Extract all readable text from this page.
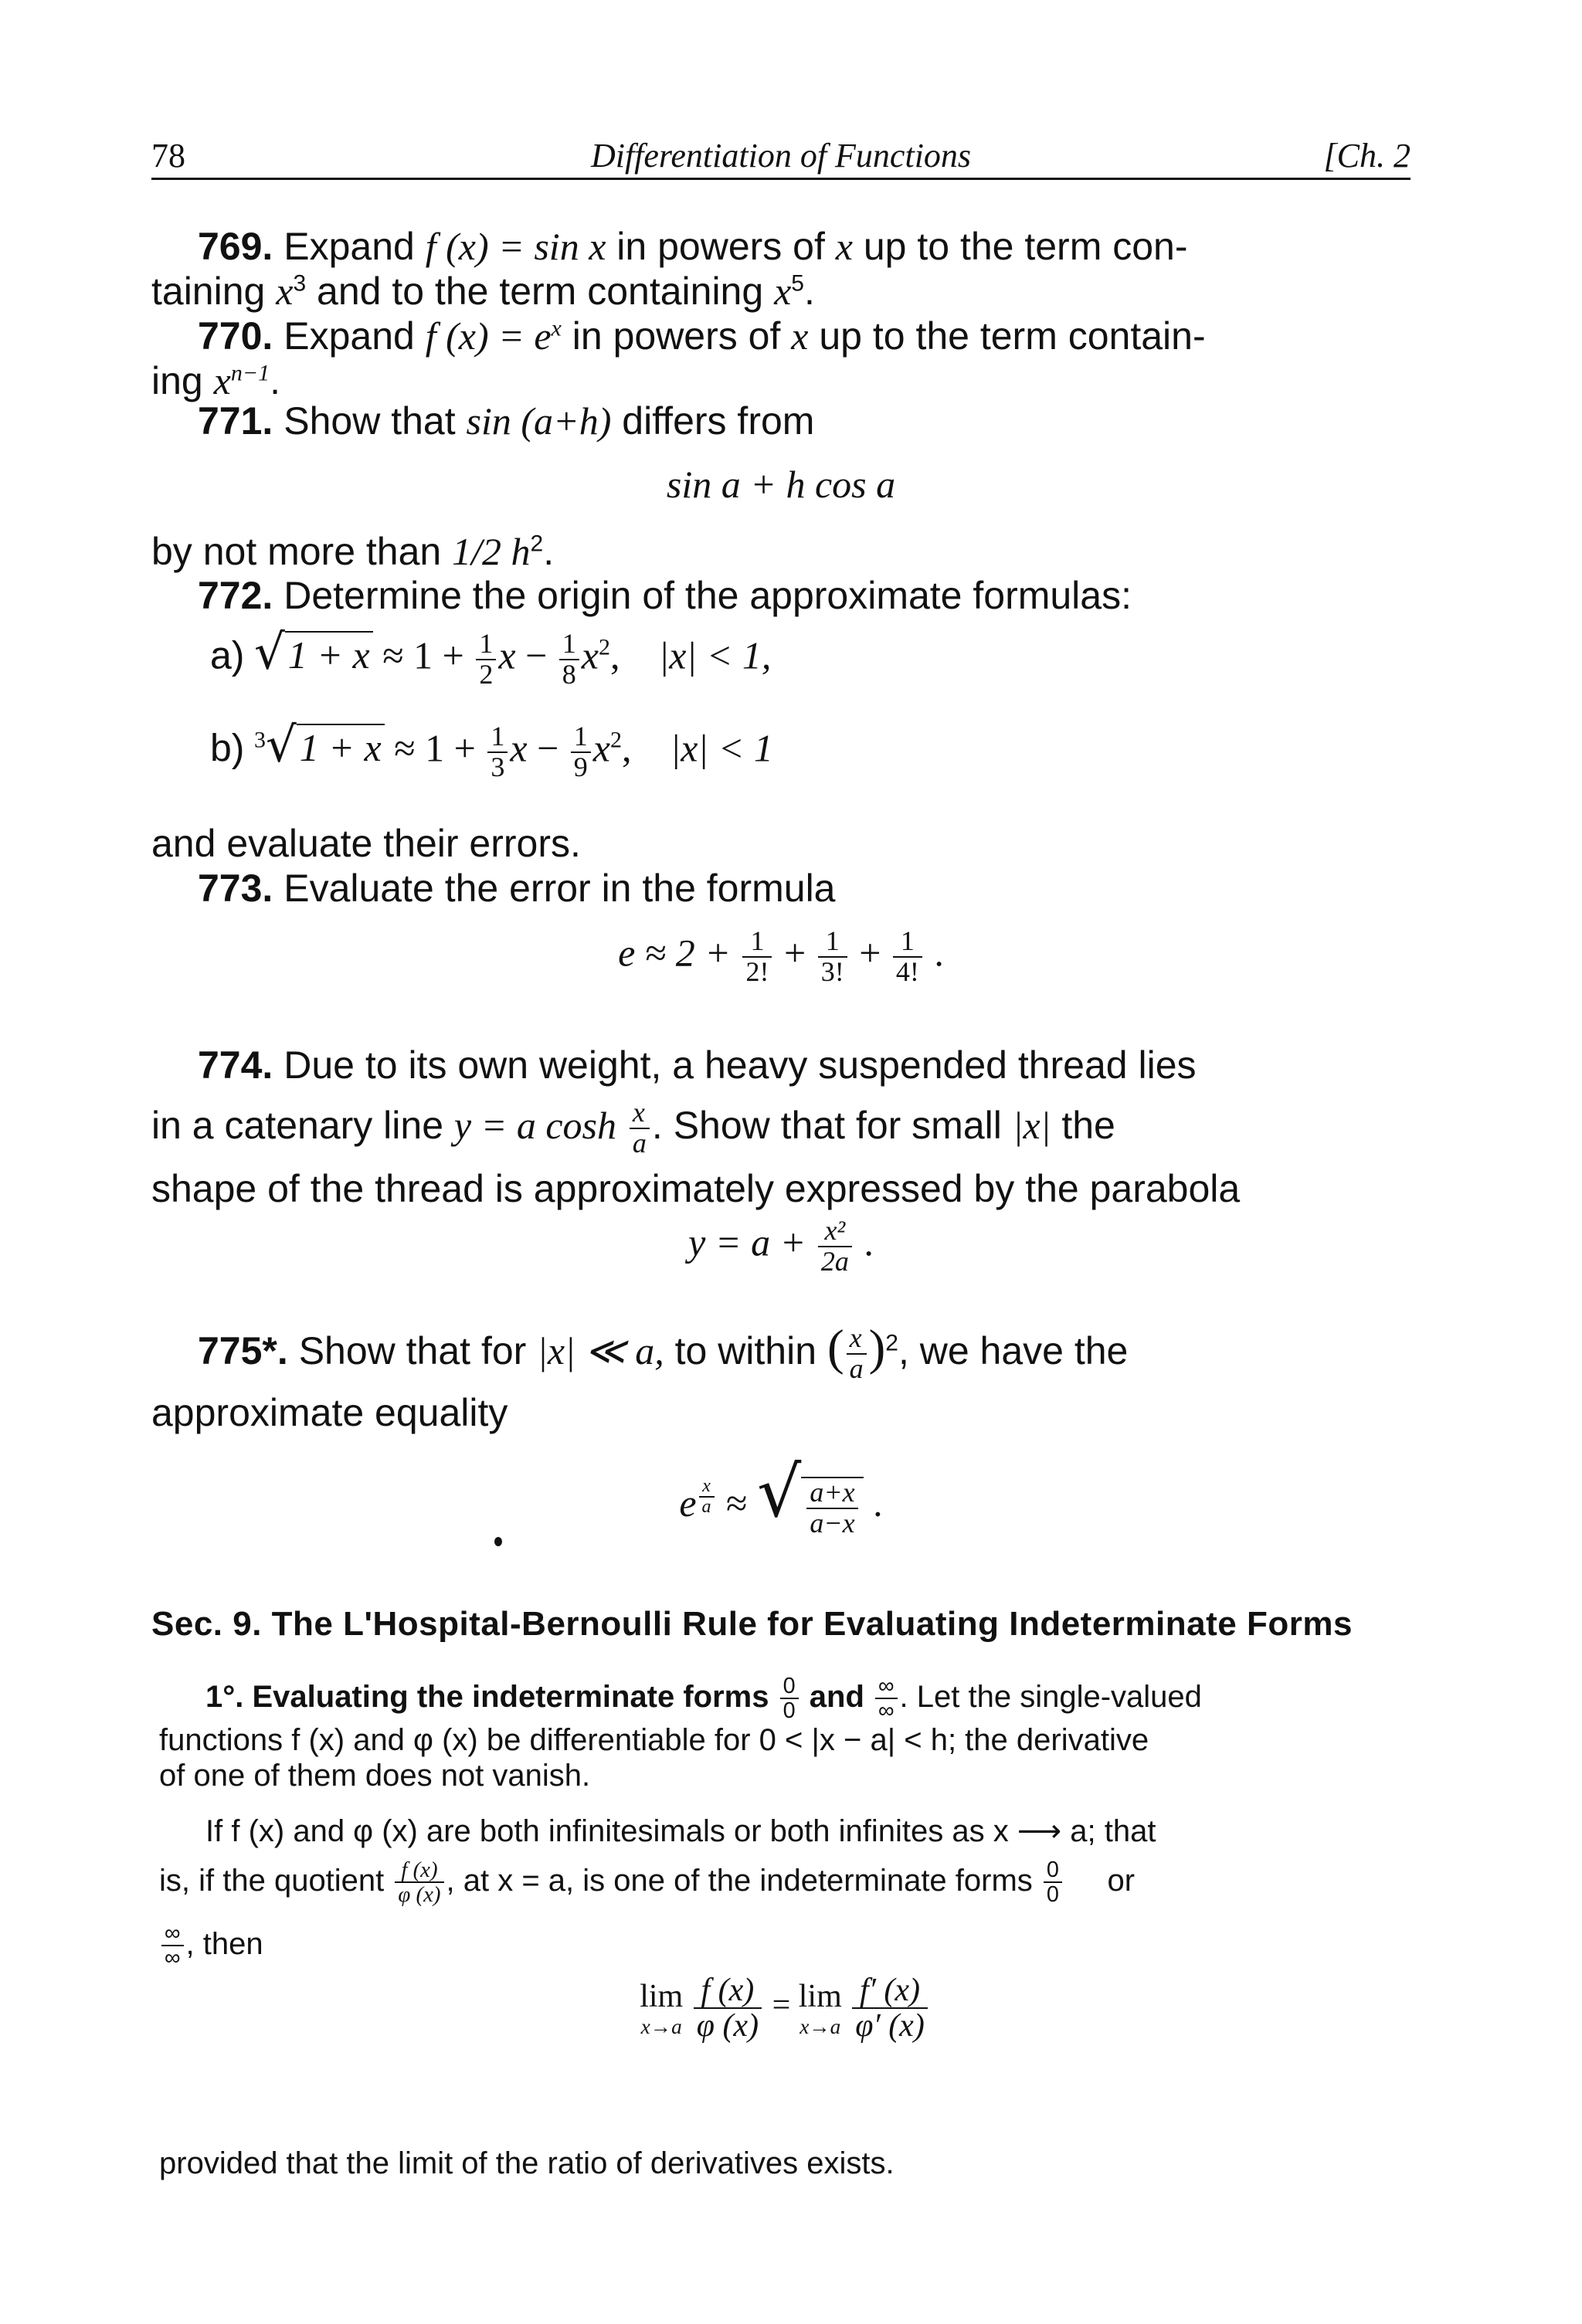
78	Differentiation of Functions	[Ch. 2
769. Expand f (x) = sin x in powers of x up to the term con-
taining $x^3$ and to the term containing $x^5$.
770. Expand f $(x) = e^x$ in powers of x up to the term contain-
ing $x^{n-1}$.
771. Show that sin (a+h) differs from
sin a + h cos a
by not more than 1/2 $h^2$.
772. Determine the origin of the approximate formulas:
a) $√1 + x \approx 1 + \frac{1}{2}$ $x - \frac{1}{8} x^2$,    |x| < 1,
b) $^3√1 + x \approx 1 + \frac{1}{3}$ $x - \frac{1}{9} x^2$,    |x| < 1
and evaluate their errors.
773. Evaluate the error in the formula
$e \approx 2 + \frac{1}{2!} + \frac{1}{3!} + \frac{1}{4!}$ .
774. Due to its own weight, a heavy suspended thread lies
in a catenary line y = a $\cosh \frac{x}{a}$ . Show that for small |x| the
shape of the thread is approximately expressed by the parabola
$y = a + \frac{\text{x²}}{2a}$ .
775*. Show that for |x| ≪ a, to within ( $\frac{x}{a} )^2$, we have the
approximate equality
e $^{\frac{x}{a}}$ ≈ √ $\frac{a+x}{a-x}$ .
Sec. 9. The L'Hospital-Bernoulli Rule for Evaluating Indeterminate Forms
1°. Evaluating the indeterminate forms $\frac{0}{0}$ and $\frac{\infty}{\infty}$ . Let the single-valued
functions f (x) and φ (x) be differentiable for 0 < |x − a| < h; the derivative
of one of them does not vanish.
If f (x) and φ (x) are both infinitesimals or both infinites as x ⟶ a; that
is, if the quotient $\frac{f (x)}{\varphi (x)}$ , at x = a, is one of the indeterminate forms $\frac{0}{0}$ or
$\frac{\infty}{\infty}$ , then
lim
x→a
$\frac{f (x)}{\varphi (x)} = \lim$
x→a
$\frac{f' (x)}{\varphi' (x)}$
provided that the limit of the ratio of derivatives exists.
